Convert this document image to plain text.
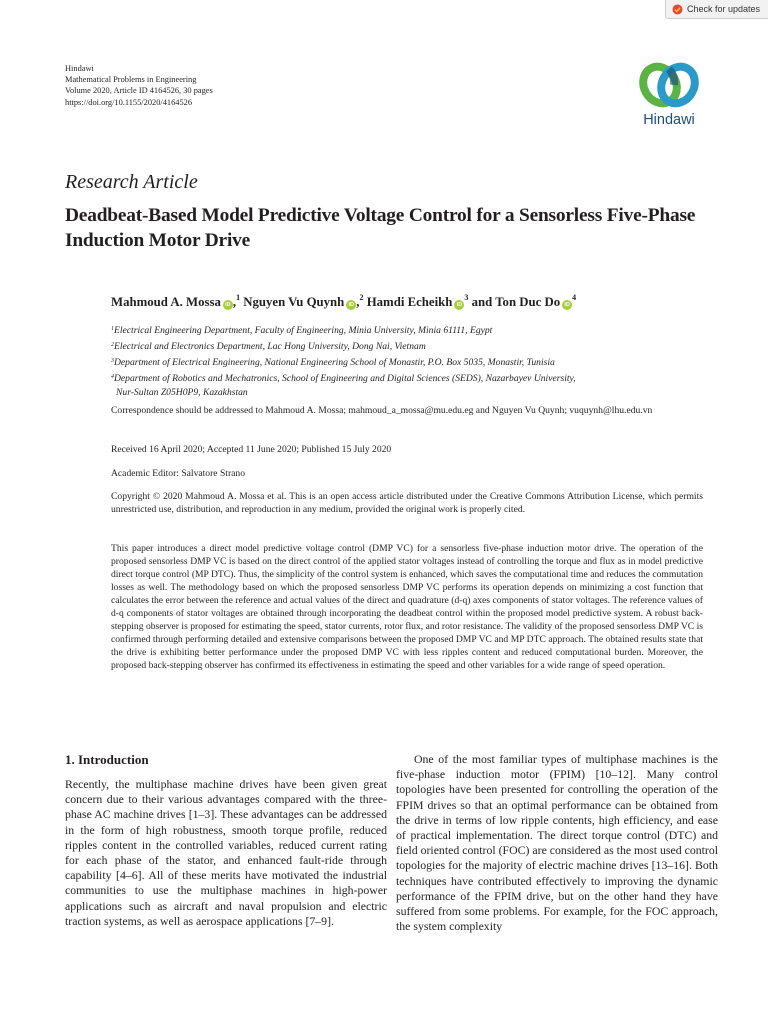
Check for updates
Hindawi
Mathematical Problems in Engineering
Volume 2020, Article ID 4164526, 30 pages
https://doi.org/10.1155/2020/4164526
Hindawi
Research Article
Deadbeat-Based Model Predictive Voltage Control for a Sensorless Five-Phase Induction Motor Drive
Mahmoud A. Mossa iD ,$^1$ Nguyen Vu Quynh iD ,$^2$ Hamdi Echeikh $iD^3$ and Ton Duc Do $iD^4$
$^1$Electrical Engineering Department, Faculty of Engineering, Minia University, Minia 61111, Egypt
$^2$Electrical and Electronics Department, Lac Hong University, Dong Nai, Vietnam
$^3$Department of Electrical Engineering, National Engineering School of Monastir, P.O. Box 5035, Monastir, Tunisia
$^4$Department of Robotics and Mechatronics, School of Engineering and Digital Sciences (SEDS), Nazarbayev University,
Nur-Sultan Z05H0P9, Kazakhstan
Correspondence should be addressed to Mahmoud A. Mossa; mahmoud_a_mossa@mu.edu.eg and Nguyen Vu Quynh; vuquynh@lhu.edu.vn
Received 16 April 2020; Accepted 11 June 2020; Published 15 July 2020
Academic Editor: Salvatore Strano
Copyright © 2020 Mahmoud A. Mossa et al. This is an open access article distributed under the Creative Commons Attribution License, which permits unrestricted use, distribution, and reproduction in any medium, provided the original work is properly cited.
This paper introduces a direct model predictive voltage control (DMP VC) for a sensorless five-phase induction motor drive. The operation of the proposed sensorless DMP VC is based on the direct control of the applied stator voltages instead of controlling the torque and flux as in model predictive direct torque control (MP DTC). Thus, the simplicity of the control system is enhanced, which saves the computational time and reduces the commutation losses as well. The methodology based on which the proposed sensorless DMP VC performs its operation depends on minimizing a cost function that calculates the error between the reference and actual values of the direct and quadrature (d-q) axes components of stator voltages. The reference values of d-q components of stator voltages are obtained through incorporating the deadbeat control within the proposed model predictive system. A robust back-stepping observer is proposed for estimating the speed, stator currents, rotor flux, and rotor resistance. The validity of the proposed sensorless DMP VC is confirmed through performing detailed and extensive comparisons between the proposed DMP VC and MP DTC approach. The obtained results state that the drive is exhibiting better performance under the proposed DMP VC with less ripples content and reduced computational burden. Moreover, the proposed back-stepping observer has confirmed its effectiveness in estimating the speed and other variables for a wide range of speed operation.
1. Introduction
Recently, the multiphase machine drives have been given great concern due to their various advantages compared with the three-phase AC machine drives [1–3]. These advantages can be addressed in the form of high robustness, smooth torque profile, reduced ripples content in the controlled variables, reduced current rating for each phase of the stator, and enhanced fault-ride through capability [4–6]. All of these merits have motivated the industrial communities to use the multiphase machines in high-power applications such as aircraft and naval propulsion and electric traction systems, as well as aerospace applications [7–9].
One of the most familiar types of multiphase machines is the five-phase induction motor (FPIM) [10–12]. Many control topologies have been presented for controlling the operation of the FPIM drives so that an optimal performance can be obtained from the drive in terms of low ripple contents, high efficiency, and ease of practical implementation. The direct torque control (DTC) and field oriented control (FOC) are considered as the most used control topologies for the majority of electric machine drives [13–16]. Both techniques have contributed effectively to improving the dynamic performance of the FPIM drive, but on the other hand they have suffered from some problems. For example, for the FOC approach, the system complexity
